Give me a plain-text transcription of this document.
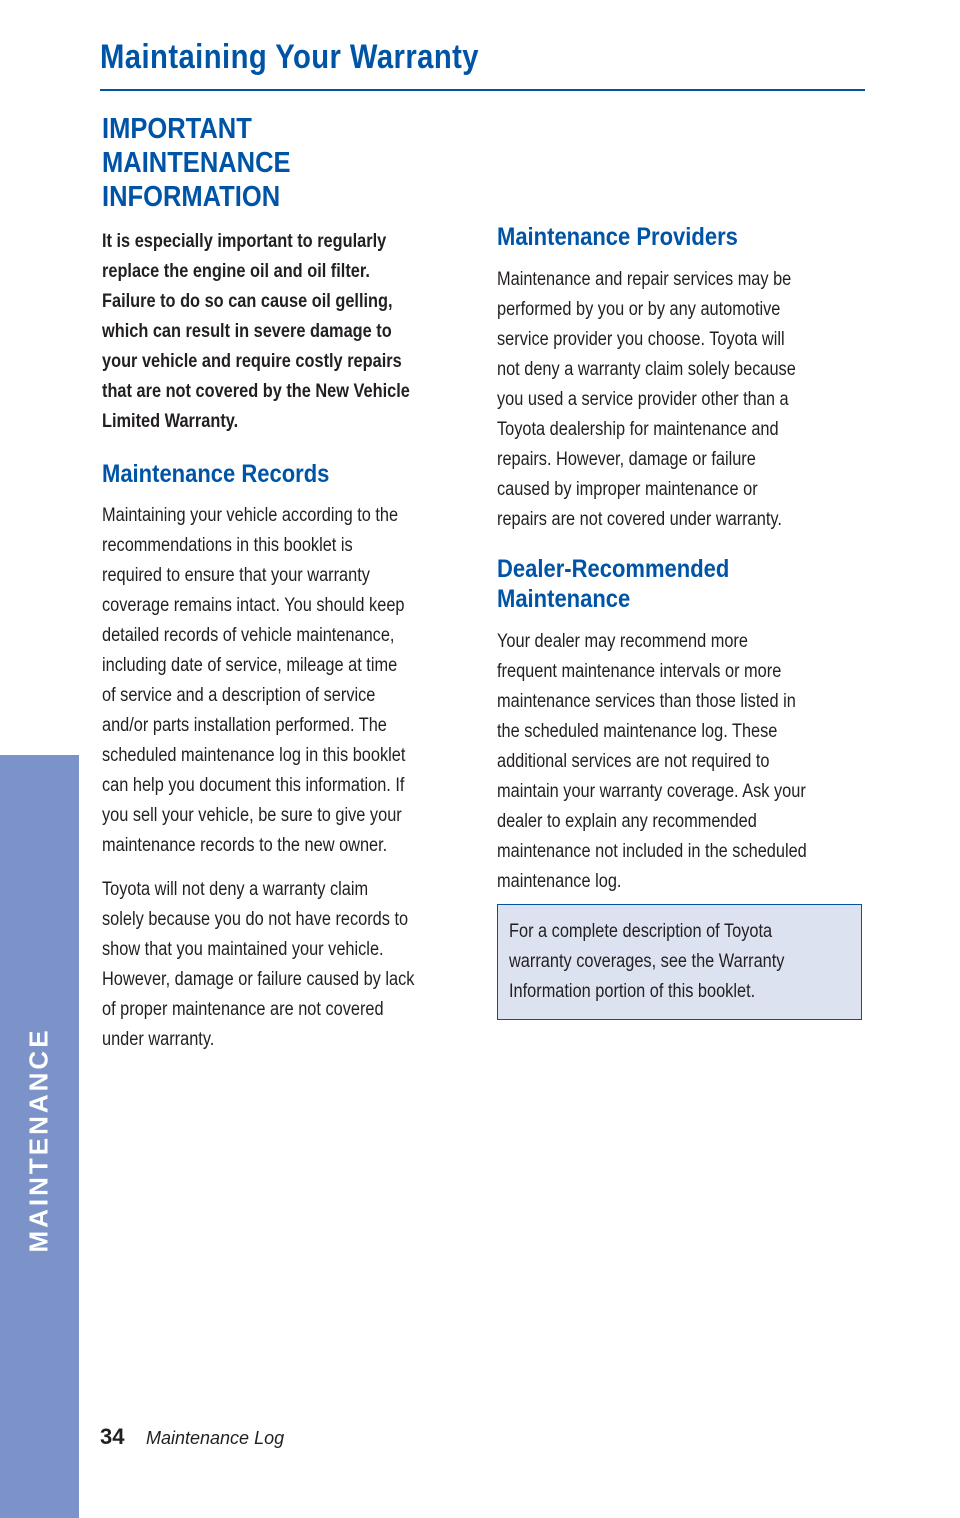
MAINTENANCE
Maintaining Your Warranty
IMPORTANT
MAINTENANCE
INFORMATION

It is especially important to regularly
replace the engine oil and oil filter.
Failure to do so can cause oil gelling,
which can result in severe damage to
your vehicle and require costly repairs
that are not covered by the New Vehicle
Limited Warranty.

Maintenance Records

Maintaining your vehicle according to the
recommendations in this booklet is
required to ensure that your warranty
coverage remains intact. You should keep
detailed records of vehicle maintenance,
including date of service, mileage at time
of service and a description of service
and/or parts installation performed. The
scheduled maintenance log in this booklet
can help you document this information. If
you sell your vehicle, be sure to give your
maintenance records to the new owner.

Toyota will not deny a warranty claim
solely because you do not have records to
show that you maintained your vehicle.
However, damage or failure caused by lack
of proper maintenance are not covered
under warranty.

Maintenance Providers

Maintenance and repair services may be
performed by you or by any automotive
service provider you choose. Toyota will
not deny a warranty claim solely because
you used a service provider other than a
Toyota dealership for maintenance and
repairs. However, damage or failure
caused by improper maintenance or
repairs are not covered under warranty.

Dealer-Recommended
Maintenance

Your dealer may recommend more
frequent maintenance intervals or more
maintenance services than those listed in
the scheduled maintenance log. These
additional services are not required to
maintain your warranty coverage. Ask your
dealer to explain any recommended
maintenance not included in the scheduled
maintenance log.

For a complete description of Toyota
warranty coverages, see the Warranty
Information portion of this booklet.

34 Maintenance Log
